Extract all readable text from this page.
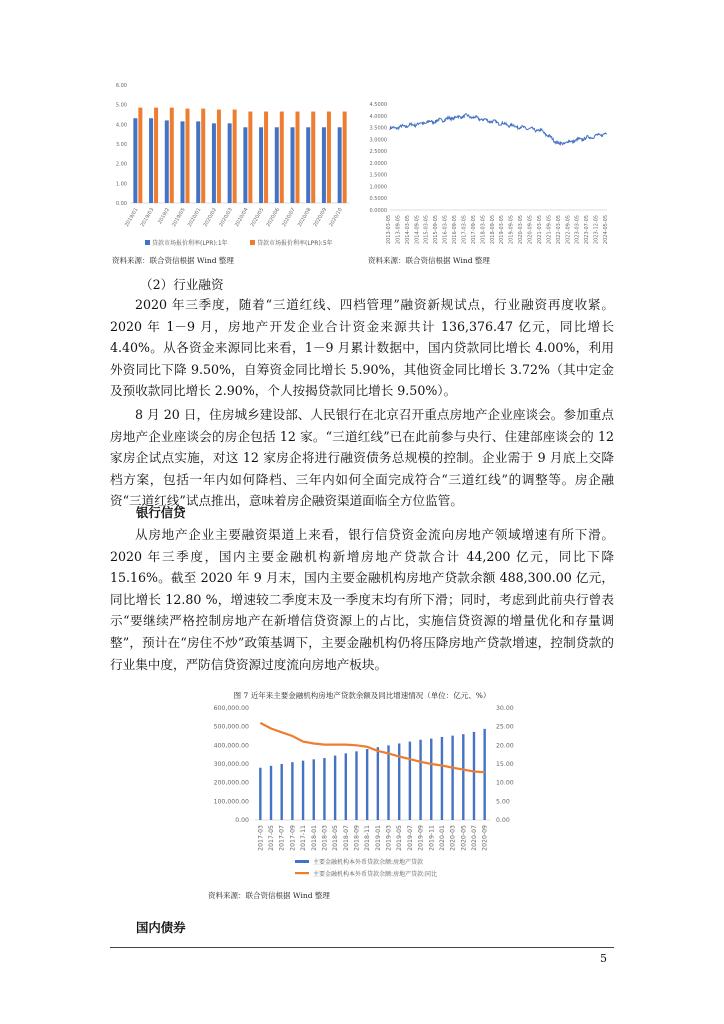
6.00
5.00
4.00
3.00
2.00
1.00
0.00
2019/01 2019/03 2019/2 2019/05 2020/01 2020/02 2020/03 2020/04 2020/05 2020/06 2020/07 2020/08 2020/09 2020/10
贷款市场报价利率(LPR):1年	贷款市场报价利率(LPR):5年
4.5000
4.0000
3.5000
3.0000
2.5000
2.0000
1.5000
1.0000
0.5000
0.0000
2013-03-05 2013-09-05 2014-03-05 2014-09-05 2015-03-05 2015-09-05 2016-03-05 2016-09-05 2017-03-05 2017-09-05 2018-03-05 2018-09-05 2019-03-05 2019-09-05 2020-03-05 2020-09-05 2021-03-05 2021-09-05 2022-03-05 2022-09-05 2023-03-05 2023-07-05 2023-12-05 2024-05-05
资料来源：联合资信根据 Wind 整理	资料来源：联合资信根据 Wind 整理
（2）行业融资

2020 年三季度，随着“三道红线、四档管理”融资新规试点，行业融资再度收紧。2020 年 1－9 月，房地产开发企业合计资金来源共计 136,376.47 亿元，同比增长 4.40%。从各资金来源同比来看，1－9 月累计数据中，国内贷款同比增长 4.00%，利用外资同比下降 9.50%，自筹资金同比增长 5.90%，其他资金同比增长 3.72%（其中定金及预收款同比增长 2.90%，个人按揭贷款同比增长 9.50%）。

8 月 20 日，住房城乡建设部、人民银行在北京召开重点房地产企业座谈会。参加重点房地产企业座谈会的房企包括 12 家。“三道红线”已在此前参与央行、住建部座谈会的 12 家房企试点实施，对这 12 家房企将进行融资债务总规模的控制。企业需于 9 月底上交降档方案，包括一年内如何降档、三年内如何全面完成符合“三道红线”的调整等。房企融资“三道红线”试点推出，意味着房企融资渠道面临全方位监管。

银行信贷

从房地产企业主要融资渠道上来看，银行信贷资金流向房地产领域增速有所下滑。2020 年三季度，国内主要金融机构新增房地产贷款合计 44,200 亿元，同比下降 15.16%。截至 2020 年 9 月末，国内主要金融机构房地产贷款余额 488,300.00 亿元，同比增长 12.80 %，增速较二季度末及一季度末均有所下滑；同时，考虑到此前央行曾表示“要继续严格控制房地产在新增信贷资源上的占比，实施信贷资源的增量优化和存量调整”，预计在“房住不炒”政策基调下，主要金融机构仍将压降房地产贷款增速，控制贷款的行业集中度，严防信贷资源过度流向房地产板块。

图 7 近年来主要金融机构房地产贷款余额及同比增速情况（单位：亿元、%）
600,000.00
500,000.00
400,000.00
300,000.00
200,000.00
100,000.00
0.00
30.00
25.00
20.00
15.00
10.00
5.00
0.00
2017-03 2017-05 2017-07 2017-09 2017-11 2018-01 2018-03 2018-05 2018-07 2018-09 2018-11 2019-01 2019-03 2019-05 2019-07 2019-09 2019-11 2020-01 2020-03 2020-05 2020-07 2020-09
主要金融机构本外币贷款余额:房地产贷款
主要金融机构本外币贷款余额:房地产贷款:同比
资料来源：联合资信根据 Wind 整理
国内债券
5
